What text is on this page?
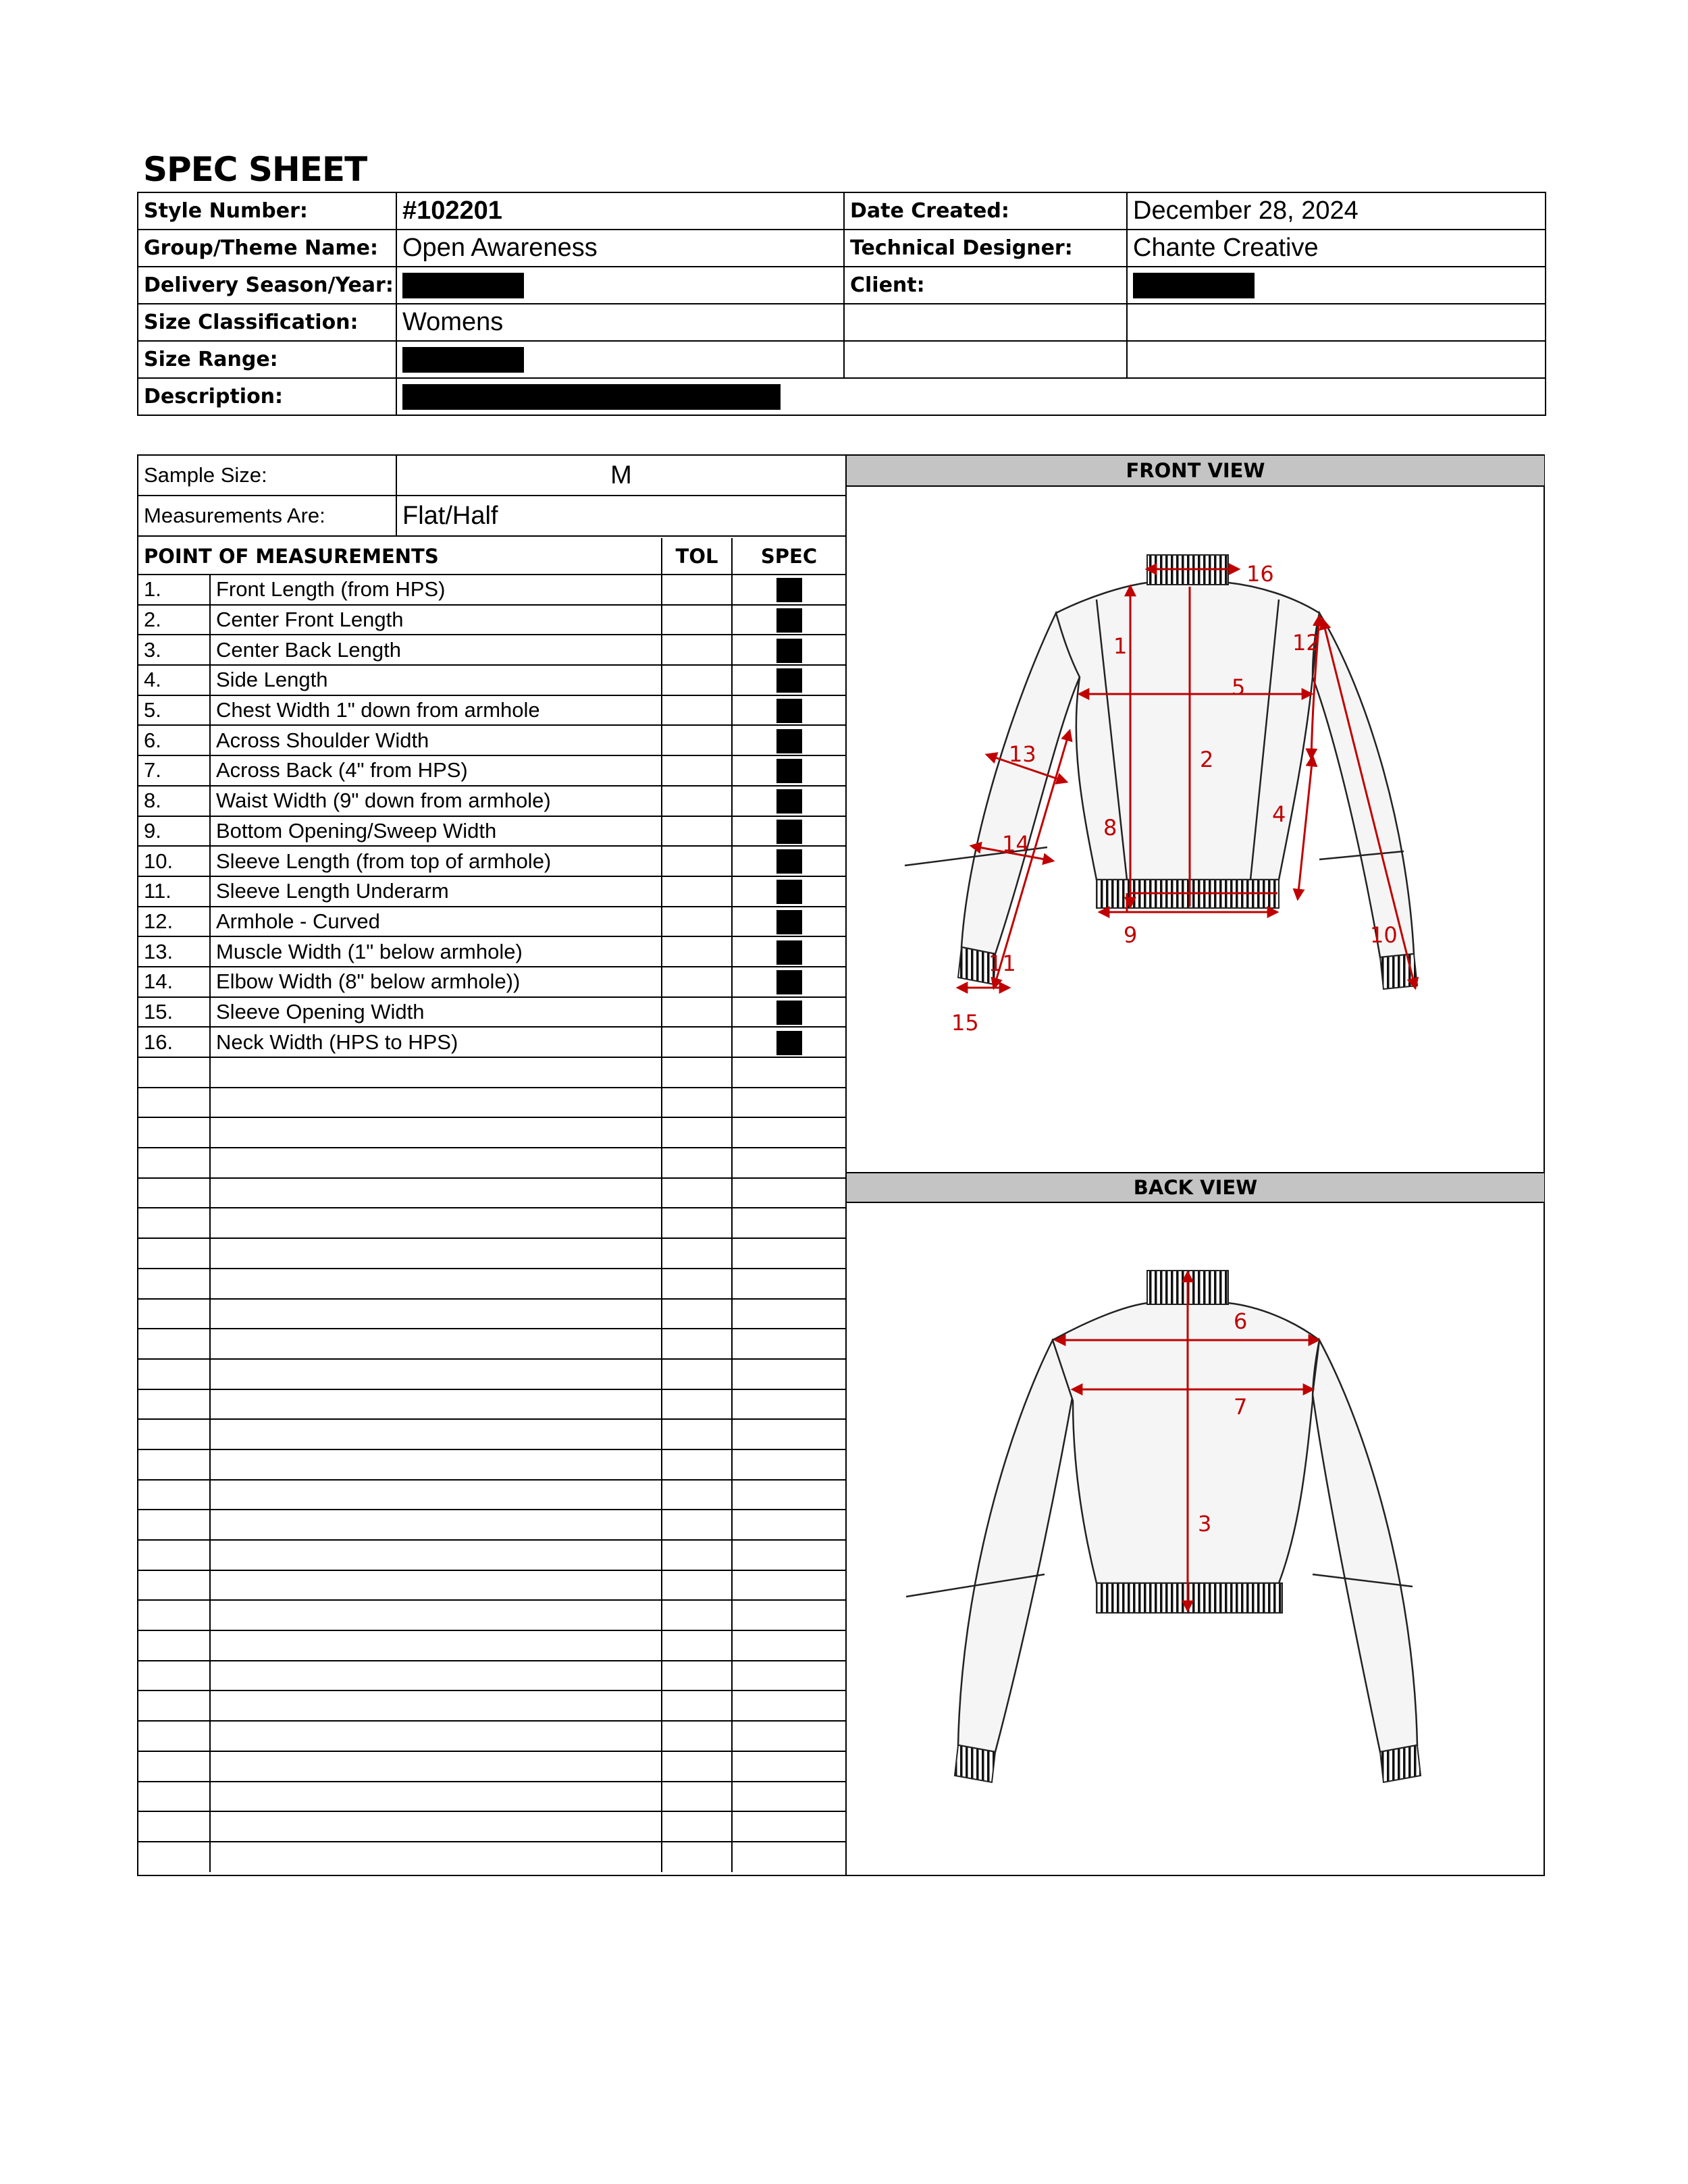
SPEC SHEET
Style Number:	#102201	Date Created:	December 28, 2024
Group/Theme Name:	Open Awareness	Technical Designer:	Chante Creative
Delivery Season/Year:		Client:	
Size Classification:	Womens		
Size Range:			
Description:			
Sample Size:	M
Measurements Are:	Flat/Half
POINT OF MEASUREMENTS		TOL	SPEC
1.	Front Length (from HPS)		
2.	Center Front Length		
3.	Center Back Length		
4.	Side Length		
5.	Chest Width 1" down from armhole		
6.	Across Shoulder Width		
7.	Across Back (4" from HPS)		
8.	Waist Width (9" down from armhole)		
9.	Bottom Opening/Sweep Width		
10.	Sleeve Length (from top of armhole)		
11.	Sleeve Length Underarm		
12.	Armhole - Curved		
13.	Muscle Width (1" below armhole)		
14.	Elbow Width (8" below armhole))		
15.	Sleeve Opening Width		
16.	Neck Width (HPS to HPS)		

FRONT VIEW
1
2
4
5
8
9	10
11
12
13
14
15
16
BACK VIEW
3
6
7
